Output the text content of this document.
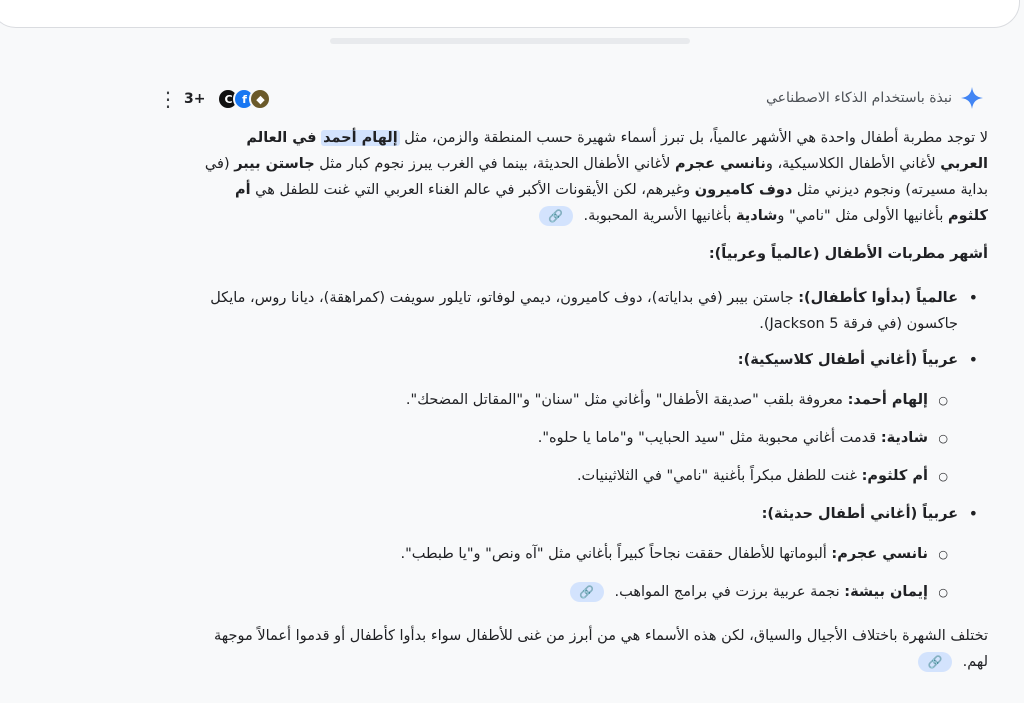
نبذة باستخدام الذكاء الاصطناعي
⋮ 3+	C f ◆

لا توجد مطربة أطفال واحدة هي الأشهر عالمياً، بل تبرز أسماء شهيرة حسب المنطقة والزمن، مثل إلهام أحمد في العالم العربي لأغاني الأطفال الكلاسيكية، ونانسي عجرم لأغاني الأطفال الحديثة، بينما في الغرب يبرز نجوم كبار مثل جاستن بيبر (في بداية مسيرته) ونجوم ديزني مثل دوف كاميرون وغيرهم، لكن الأيقونات الأكبر في عالم الغناء العربي التي غنت للطفل هي أم كلثوم بأغانيها الأولى مثل "نامي" وشادية بأغانيها الأسرية المحبوبة. 🔗

أشهر مطربات الأطفال (عالمياً وعربياً):

• عالمياً (بدأوا كأطفال): جاستن بيبر (في بداياته)، دوف كاميرون، ديمي لوفاتو، تايلور سويفت (كمراهقة)، ديانا روس، مايكل جاكسون (في فرقة Jackson 5).
• عربياً (أغاني أطفال كلاسيكية):
○ إلهام أحمد: معروفة بلقب "صديقة الأطفال" وأغاني مثل "سنان" و"المقاتل المضحك".
○ شادية: قدمت أغاني محبوبة مثل "سيد الحبايب" و"ماما يا حلوه".
○ أم كلثوم: غنت للطفل مبكراً بأغنية "نامي" في الثلاثينيات.
• عربياً (أغاني أطفال حديثة):
○ نانسي عجرم: ألبوماتها للأطفال حققت نجاحاً كبيراً بأغاني مثل "آه ونص" و"يا طبطب".
○ إيمان بيشة: نجمة عربية برزت في برامج المواهب. 🔗

تختلف الشهرة باختلاف الأجيال والسياق، لكن هذه الأسماء هي من أبرز من غنى للأطفال سواء بدأوا كأطفال أو قدموا أعمالاً موجهة لهم. 🔗
